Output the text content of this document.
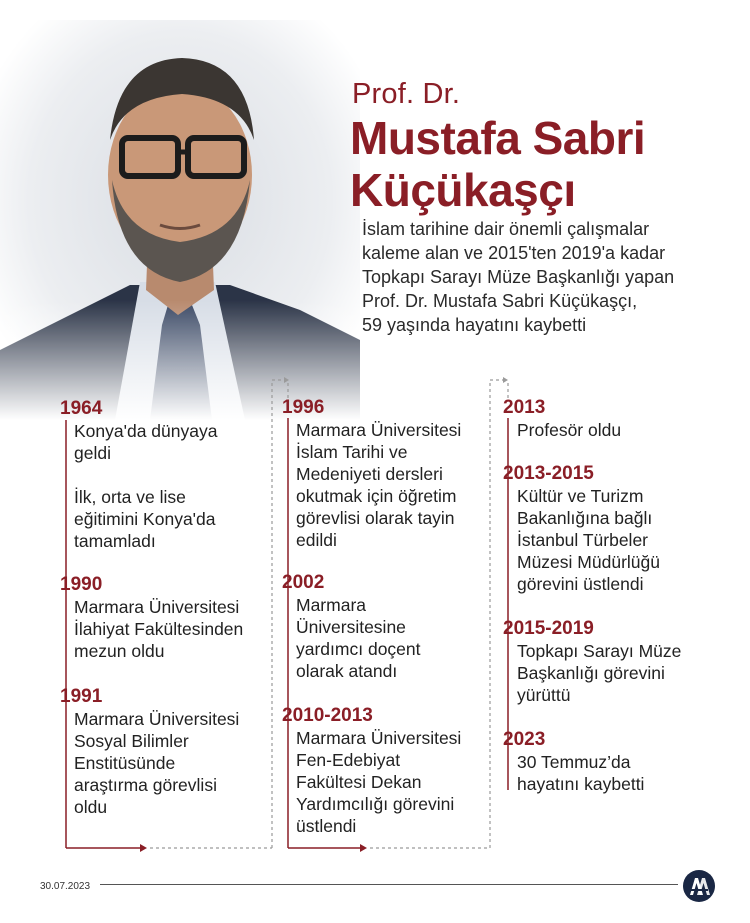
Prof. Dr.
Mustafa Sabri
Küçükaşçı
İslam tarihine dair önemli çalışmalar
kaleme alan ve 2015'ten 2019'a kadar
Topkapı Sarayı Müze Başkanlığı yapan
Prof. Dr. Mustafa Sabri Küçükaşçı,
59 yaşında hayatını kaybetti
1964
Konya'da dünyaya
geldi

İlk, orta ve lise
eğitimini Konya'da
tamamladı
1990
Marmara Üniversitesi
İlahiyat Fakültesinden
mezun oldu
1991
Marmara Üniversitesi
Sosyal Bilimler
Enstitüsünde
araştırma görevlisi
oldu
1996
Marmara Üniversitesi
İslam Tarihi ve
Medeniyeti dersleri
okutmak için öğretim
görevlisi olarak tayin
edildi
2002
Marmara
Üniversitesine
yardımcı doçent
olarak atandı
2010-2013
Marmara Üniversitesi
Fen-Edebiyat
Fakültesi Dekan
Yardımcılığı görevini
üstlendi
2013
Profesör oldu
2013-2015
Kültür ve Turizm
Bakanlığına bağlı
İstanbul Türbeler
Müzesi Müdürlüğü
görevini üstlendi
2015-2019
Topkapı Sarayı Müze
Başkanlığı görevini
yürüttü
2023
30 Temmuz’da
hayatını kaybetti
30.07.2023
